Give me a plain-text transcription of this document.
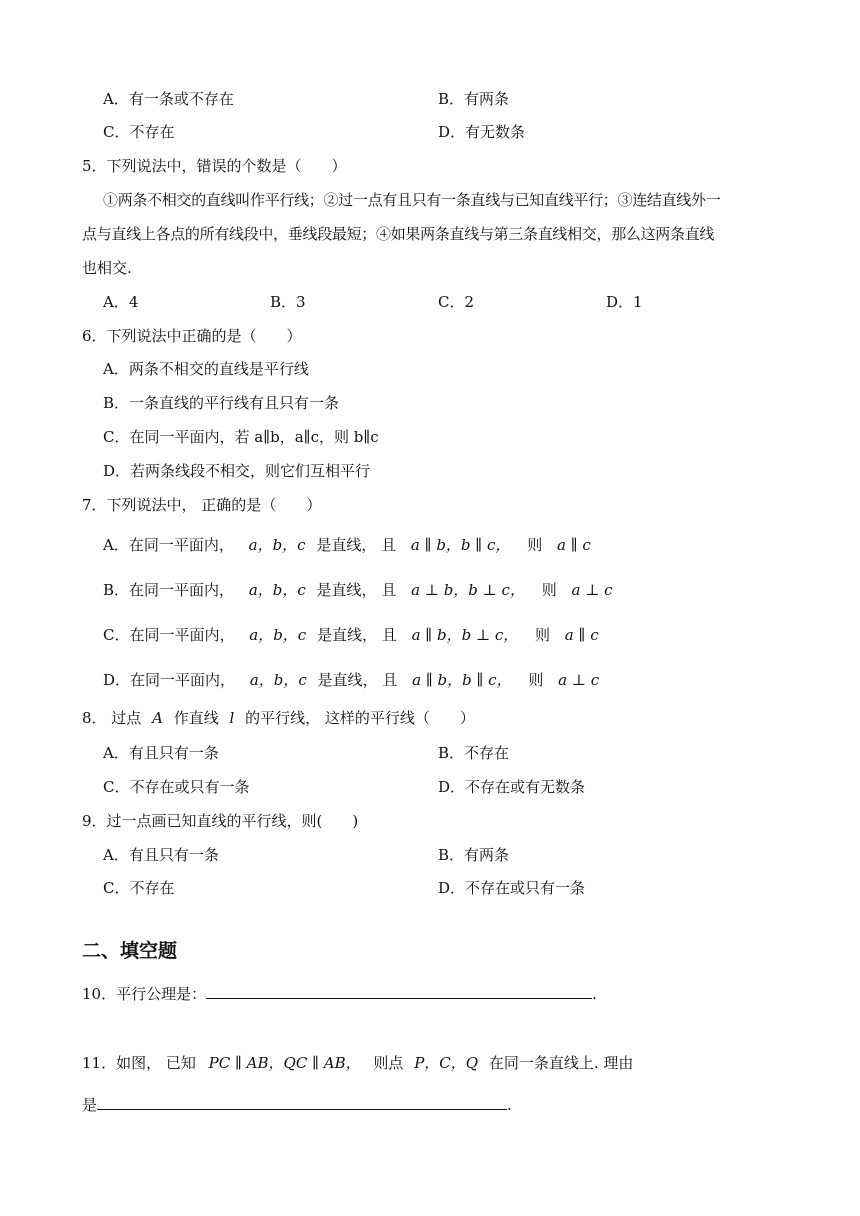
A．有一条或不存在	B．有两条
C．不存在	D．有无数条
5．下列说法中，错误的个数是（　　）
①两条不相交的直线叫作平行线；②过一点有且只有一条直线与已知直线平行；③连结直线外一
点与直线上各点的所有线段中，垂线段最短；④如果两条直线与第三条直线相交，那么这两条直线
也相交.
A．4	B．3	C．2	D．1
6．下列说法中正确的是（　　）
A．两条不相交的直线是平行线
B．一条直线的平行线有且只有一条
C．在同一平面内，若 a∥b，a∥c，则 b∥c
D．若两条线段不相交，则它们互相平行
7．下列说法中， 正确的是（　　）
A．在同一平面内， a，b，c 是直线， 且 a ∥ b，b ∥ c， 则 a ∥ c
B．在同一平面内， a，b，c 是直线， 且 a ⊥ b，b ⊥ c， 则 a ⊥ c
C．在同一平面内， a，b，c 是直线， 且 a ∥ b，b ⊥ c， 则 a ∥ c
D．在同一平面内， a，b，c 是直线， 且 a ∥ b，b ∥ c， 则 a ⊥ c
8． 过点 A 作直线 l 的平行线， 这样的平行线（　　）
A．有且只有一条	B．不存在
C．不存在或只有一条	D．不存在或有无数条
9．过一点画已知直线的平行线，则(　　)
A．有且只有一条	B．有两条
C．不存在	D．不存在或只有一条
二、填空题
10．平行公理是：	.
11．如图， 已知 PC ∥ AB，QC ∥ AB， 则点 P，C，Q 在同一条直线上. 理由
是	.
